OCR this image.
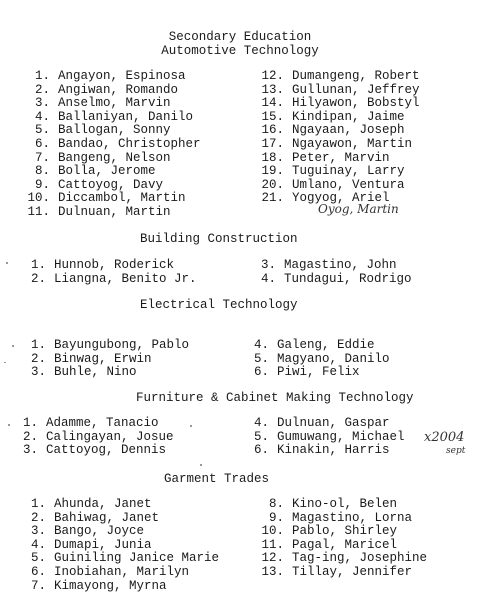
Secondary Education
Automotive Technology
1. Angayon, Espinosa
2. Angiwan, Romando
3. Anselmo, Marvin
4. Ballaniyan, Danilo
5. Ballogan, Sonny
6. Bandao, Christopher
7. Bangeng, Nelson
8. Bolla, Jerome
9. Cattoyog, Davy
10. Diccambol, Martin
11. Dulnuan, Martin
12. Dumangeng, Robert
13. Gullunan, Jeffrey
14. Hilyawon, Bobstyl
15. Kindipan, Jaime
16. Ngayaan, Joseph
17. Ngayawon, Martin
18. Peter, Marvin
19. Tuguinay, Larry
20. Umlano, Ventura
21. Yogyog, Ariel
Oyog, Martin
Building Construction
1. Hunnob, Roderick
2. Liangna, Benito Jr.
3. Magastino, John
4. Tundagui, Rodrigo
Electrical Technology
1. Bayungubong, Pablo
2. Binwag, Erwin
3. Buhle, Nino
4. Galeng, Eddie
5. Magyano, Danilo
6. Piwi, Felix
Furniture & Cabinet Making Technology
1. Adamme, Tanacio
2. Calingayan, Josue
3. Cattoyog, Dennis
4. Dulnuan, Gaspar
5. Gumuwang, Michael
6. Kinakin, Harris
x2004
sept
Garment Trades
1. Ahunda, Janet
2. Bahiwag, Janet
3. Bango, Joyce
4. Dumapi, Junia
5. Guiniling Janice Marie
6. Inobiahan, Marilyn
7. Kimayong, Myrna
8. Kino-ol, Belen
9. Magastino, Lorna
10. Pablo, Shirley
11. Pagal, Maricel
12. Tag-ing, Josephine
13. Tillay, Jennifer
